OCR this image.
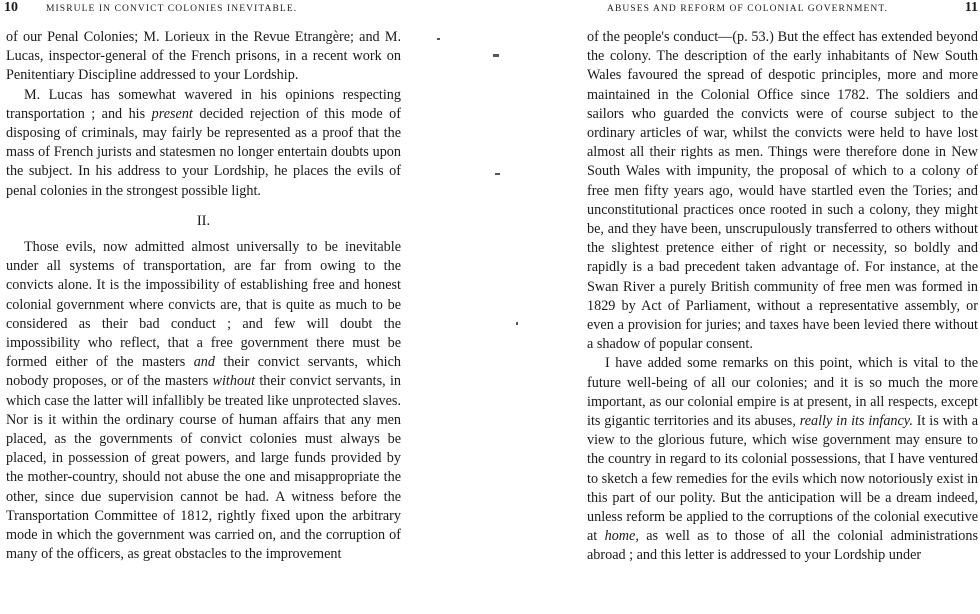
10	MISRULE IN CONVICT COLONIES INEVITABLE.

of our Penal Colonies; M. Lorieux in the Revue Etrangère; and M. Lucas, inspector-general of the French prisons, in a recent work on Penitentiary Discipline addressed to your Lordship.

M. Lucas has somewhat wavered in his opinions respecting transportation ; and his present decided rejection of this mode of disposing of criminals, may fairly be represented as a proof that the mass of French jurists and statesmen no longer entertain doubts upon the subject. In his address to your Lordship, he places the evils of penal colonies in the strongest possible light.

II.

Those evils, now admitted almost universally to be inevitable under all systems of transportation, are far from owing to the convicts alone. It is the impossibility of establishing free and honest colonial government where convicts are, that is quite as much to be considered as their bad conduct ; and few will doubt the impossibility who reflect, that a free government there must be formed either of the masters and their convict servants, which nobody proposes, or of the masters without their convict servants, in which case the latter will infallibly be treated like unprotected slaves. Nor is it within the ordinary course of human affairs that any men placed, as the governments of convict colonies must always be placed, in possession of great powers, and large funds provided by the mother-country, should not abuse the one and misappropriate the other, since due supervision cannot be had. A witness before the Transportation Committee of 1812, rightly fixed upon the arbitrary mode in which the government was carried on, and the corruption of many of the officers, as great obstacles to the improvement

ABUSES AND REFORM OF COLONIAL GOVERNMENT.	11

of the people's conduct—(p. 53.) But the effect has extended beyond the colony. The description of the early inhabitants of New South Wales favoured the spread of despotic principles, more and more maintained in the Colonial Office since 1782. The soldiers and sailors who guarded the convicts were of course subject to the ordinary articles of war, whilst the convicts were held to have lost almost all their rights as men. Things were therefore done in New South Wales with impunity, the proposal of which to a colony of free men fifty years ago, would have startled even the Tories; and unconstitutional practices once rooted in such a colony, they might be, and they have been, unscrupulously transferred to others without the slightest pretence either of right or necessity, so boldly and rapidly is a bad precedent taken advantage of. For instance, at the Swan River a purely British community of free men was formed in 1829 by Act of Parliament, without a representative assembly, or even a provision for juries; and taxes have been levied there without a shadow of popular consent.

I have added some remarks on this point, which is vital to the future well-being of all our colonies; and it is so much the more important, as our colonial empire is at present, in all respects, except its gigantic territories and its abuses, really in its infancy. It is with a view to the glorious future, which wise government may ensure to the country in regard to its colonial possessions, that I have ventured to sketch a few remedies for the evils which now notoriously exist in this part of our polity. But the anticipation will be a dream indeed, unless reform be applied to the corruptions of the colonial executive at home, as well as to those of all the colonial administrations abroad ; and this letter is addressed to your Lordship under
